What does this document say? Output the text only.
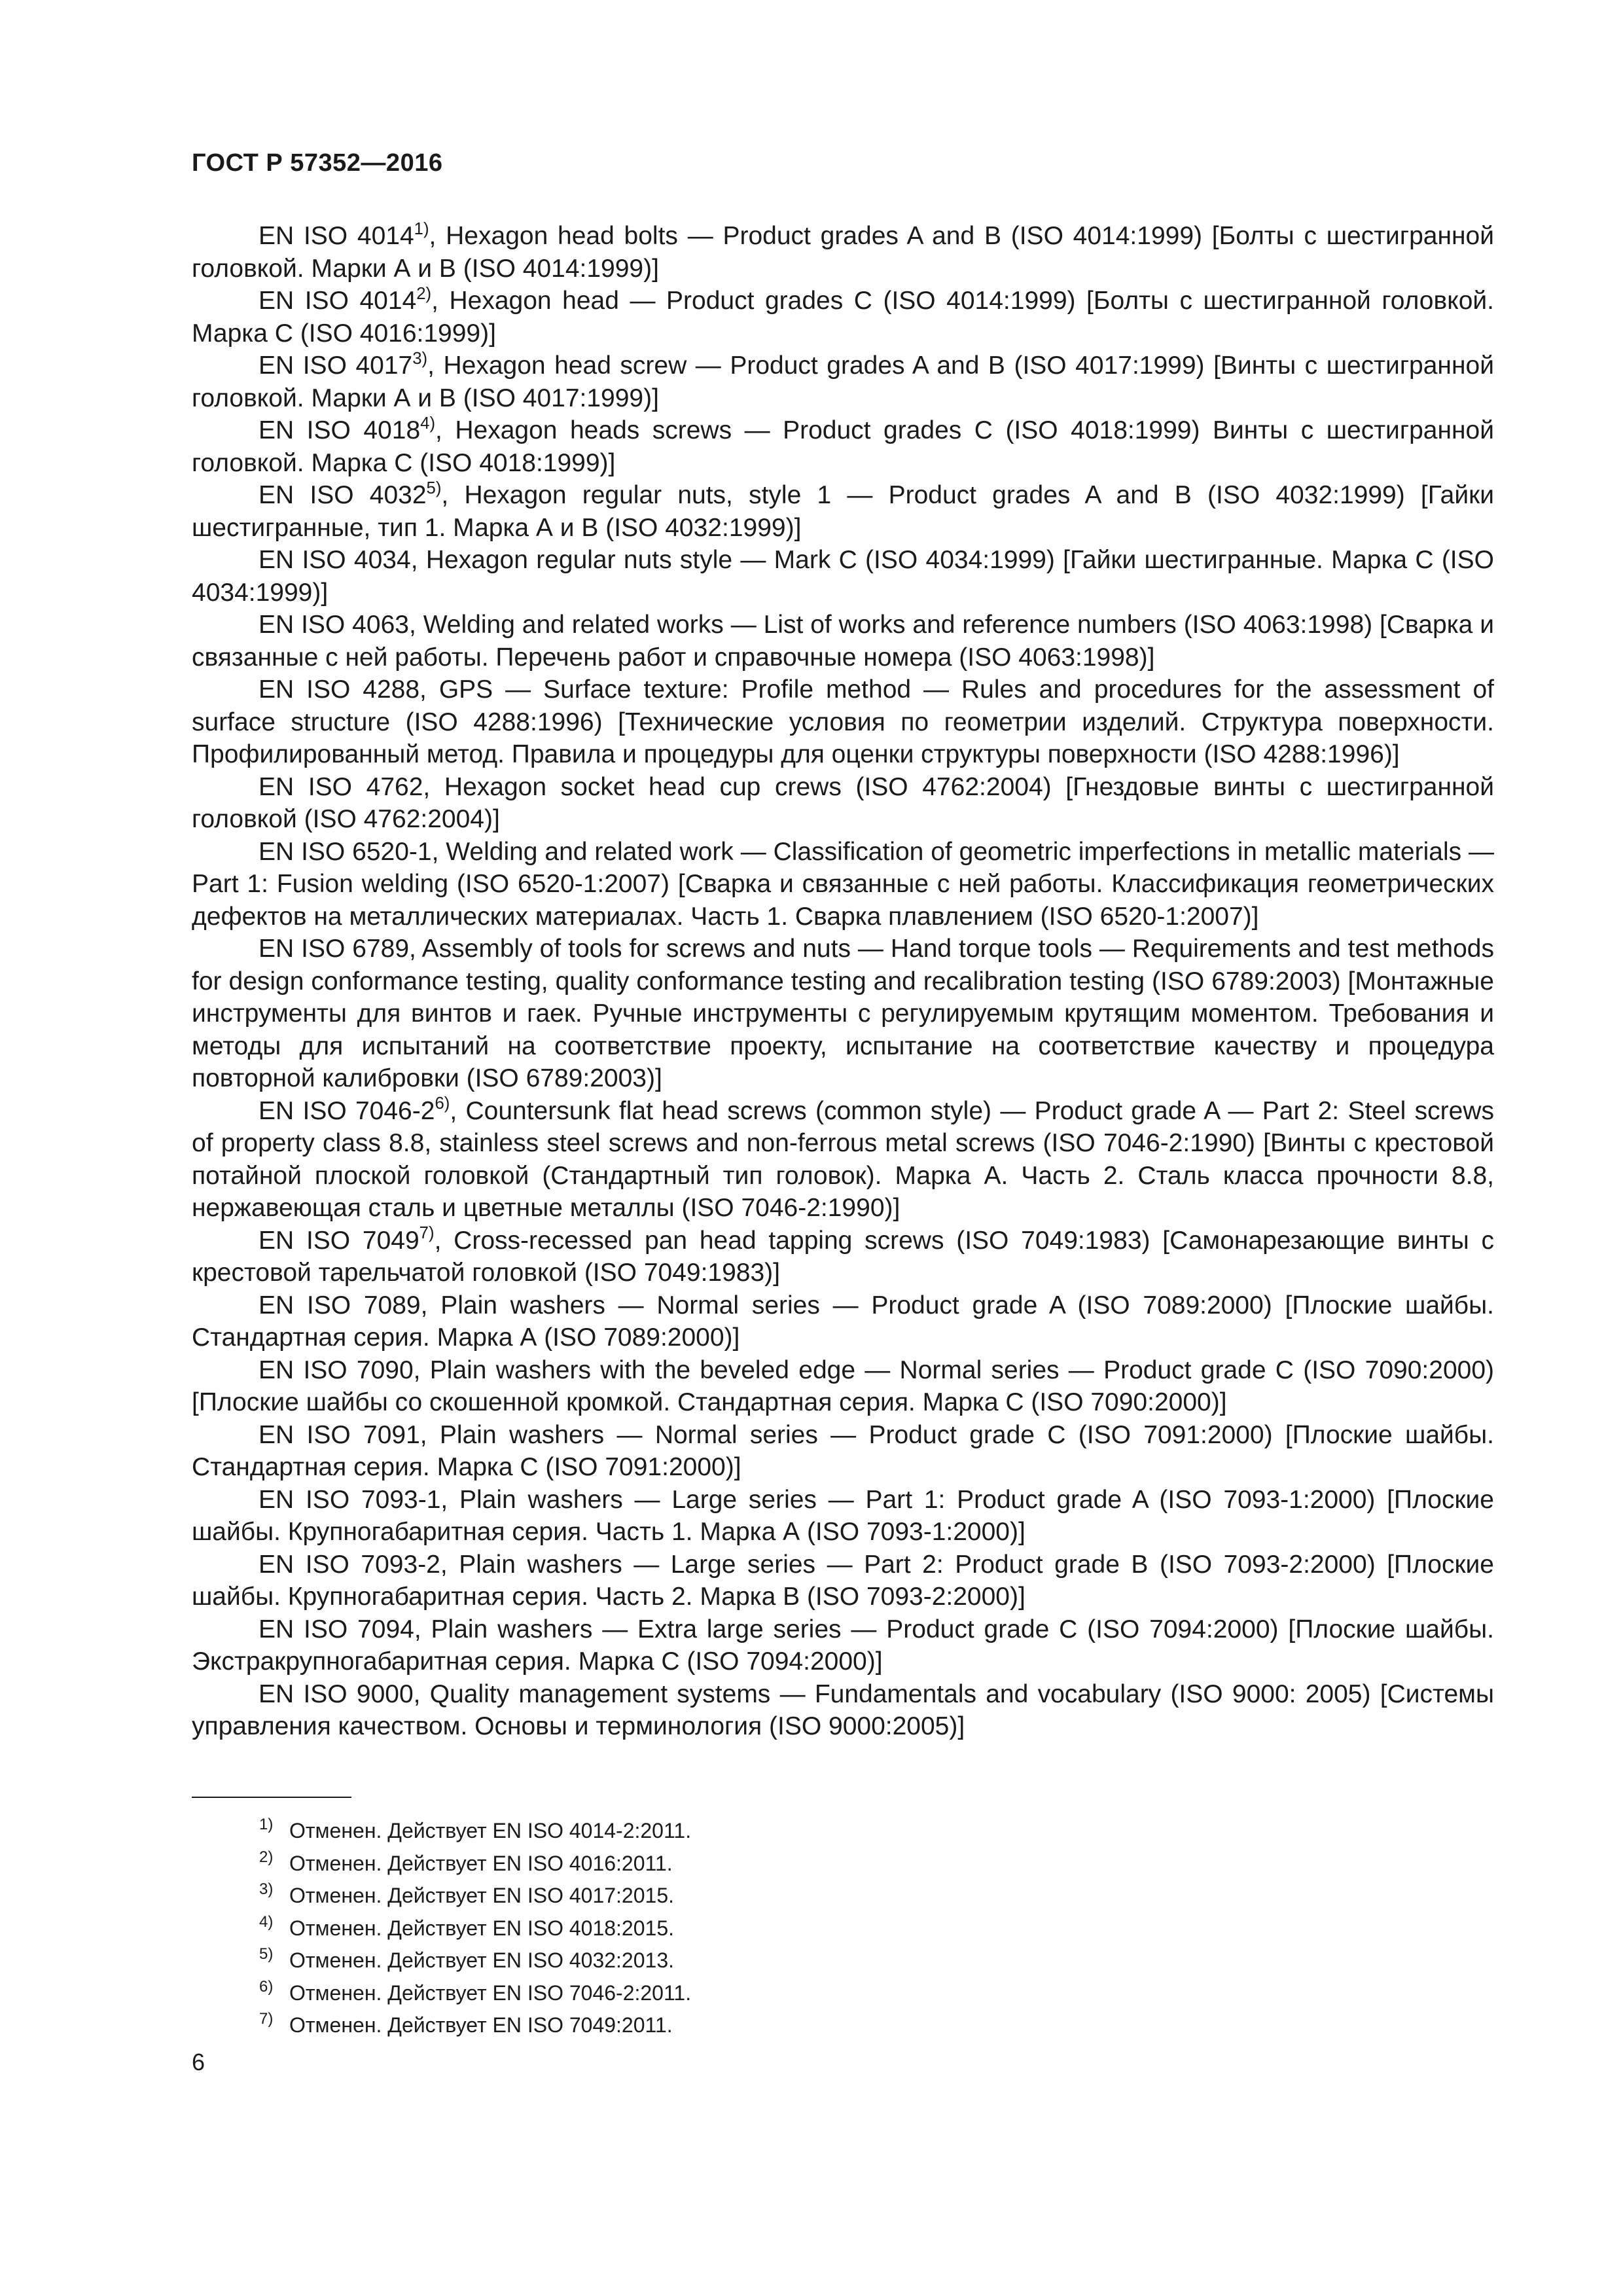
ГОСТ Р 57352—2016

EN ISO 4014$^{1)}$, Hexagon head bolts — Product grades A and B (ISO 4014:1999) [Болты с шестигранной головкой. Марки А и В (ISO 4014:1999)]

EN ISO 4014$^{2)}$, Hexagon head — Product grades C (ISO 4014:1999) [Болты с шестигранной головкой. Марка С (ISO 4016:1999)]

EN ISO 4017$^{3)}$, Hexagon head screw — Product grades A and B (ISO 4017:1999) [Винты с шестигранной головкой. Марки А и В (ISO 4017:1999)]

EN ISO 4018$^{4)}$, Hexagon heads screws — Product grades C (ISO 4018:1999) Винты с шестигранной головкой. Марка С (ISO 4018:1999)]

EN ISO 4032$^{5)}$, Hexagon regular nuts, style 1 — Product grades A and B (ISO 4032:1999) [Гайки шестигранные, тип 1. Марка А и В (ISO 4032:1999)]

EN ISO 4034, Hexagon regular nuts style — Mark C (ISO 4034:1999) [Гайки шестигранные. Марка С (ISO 4034:1999)]

EN ISO 4063, Welding and related works — List of works and reference numbers (ISO 4063:1998) [Сварка и связанные с ней работы. Перечень работ и справочные номера (ISO 4063:1998)]

EN ISO 4288, GPS — Surface texture: Profile method — Rules and procedures for the assessment of surface structure (ISO 4288:1996) [Технические условия по геометрии изделий. Структура поверхности. Профилированный метод. Правила и процедуры для оценки структуры поверхности (ISO 4288:1996)]

EN ISO 4762, Hexagon socket head cup crews (ISO 4762:2004) [Гнездовые винты с шестигранной головкой (ISO 4762:2004)]

EN ISO 6520-1, Welding and related work — Classification of geometric imperfections in metallic materials — Part 1: Fusion welding (ISO 6520-1:2007) [Сварка и связанные с ней работы. Классификация геометрических дефектов на металлических материалах. Часть 1. Сварка плавлением (ISO 6520-1:2007)]

EN ISO 6789, Assembly of tools for screws and nuts — Hand torque tools — Requirements and test methods for design conformance testing, quality conformance testing and recalibration testing (ISO 6789:2003) [Монтажные инструменты для винтов и гаек. Ручные инструменты с регулируемым крутящим моментом. Требования и методы для испытаний на соответствие проекту, испытание на соответствие качеству и процедура повторной калибровки (ISO 6789:2003)]

EN ISO 7046-2$^{6)}$, Countersunk flat head screws (common style) — Product grade A — Part 2: Steel screws of property class 8.8, stainless steel screws and non-ferrous metal screws (ISO 7046-2:1990) [Винты с крестовой потайной плоской головкой (Стандартный тип головок). Марка А. Часть 2. Сталь класса прочности 8.8, нержавеющая сталь и цветные металлы (ISO 7046-2:1990)]

EN ISO 7049$^{7)}$, Cross-recessed pan head tapping screws (ISO 7049:1983) [Самонарезающие винты с крестовой тарельчатой головкой (ISO 7049:1983)]

EN ISO 7089, Plain washers — Normal series — Product grade A (ISO 7089:2000) [Плоские шайбы. Стандартная серия. Марка А (ISO 7089:2000)]

EN ISO 7090, Plain washers with the beveled edge — Normal series — Product grade C (ISO 7090:2000) [Плоские шайбы со скошенной кромкой. Стандартная серия. Марка С (ISO 7090:2000)]

EN ISO 7091, Plain washers — Normal series — Product grade C (ISO 7091:2000) [Плоские шайбы. Стандартная серия. Марка С (ISO 7091:2000)]

EN ISO 7093-1, Plain washers — Large series — Part 1: Product grade A (ISO 7093-1:2000) [Плоские шайбы. Крупногабаритная серия. Часть 1. Марка А (ISO 7093-1:2000)]

EN ISO 7093-2, Plain washers — Large series — Part 2: Product grade B (ISO 7093-2:2000) [Плоские шайбы. Крупногабаритная серия. Часть 2. Марка В (ISO 7093-2:2000)]

EN ISO 7094, Plain washers — Extra large series — Product grade C (ISO 7094:2000) [Плоские шайбы. Экстракрупногабаритная серия. Марка С (ISO 7094:2000)]

EN ISO 9000, Quality management systems — Fundamentals and vocabulary (ISO 9000: 2005) [Системы управления качеством. Основы и терминология (ISO 9000:2005)]

$^{1)}$ Отменен. Действует EN ISO 4014-2:2011.
$^{2)}$ Отменен. Действует EN ISO 4016:2011.
$^{3)}$ Отменен. Действует EN ISO 4017:2015.
$^{4)}$ Отменен. Действует EN ISO 4018:2015.
$^{5)}$ Отменен. Действует EN ISO 4032:2013.
$^{6)}$ Отменен. Действует EN ISO 7046-2:2011.
$^{7)}$ Отменен. Действует EN ISO 7049:2011.
6
